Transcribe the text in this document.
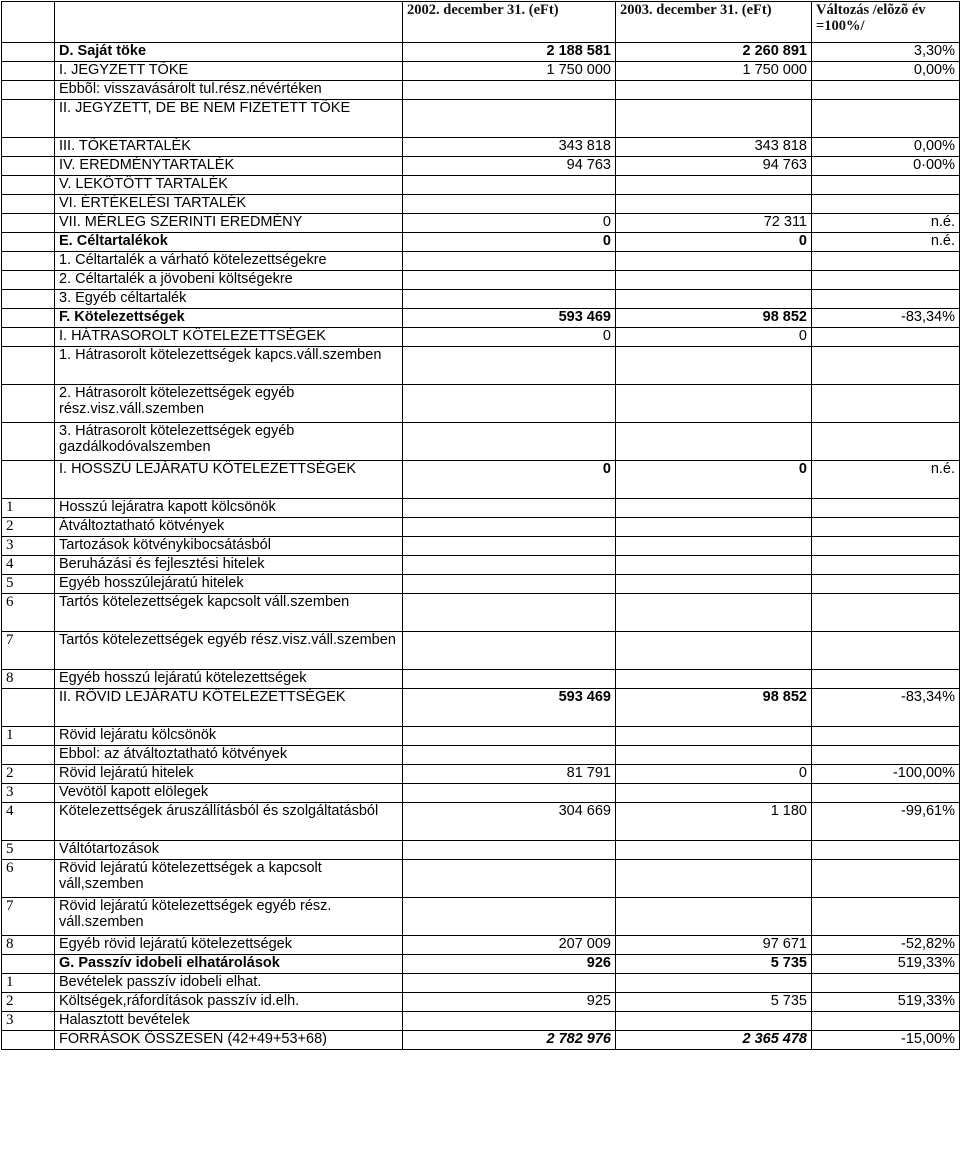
		2002. december 31. (eFt)	2003. december 31. (eFt)	Változás /elõzõ év =100%/
	D. Saját töke	2 188 581	2 260 891	3,30%
	I. JEGYZETT TÕKE	1 750 000	1 750 000	0,00%
	Ebbõl: visszavásárolt tul.rész.névértéken			
	II. JEGYZETT, DE BE NEM FIZETETT TÕKE			
	III. TÕKETARTALÉK	343 818	343 818	0,00%
	IV. EREDMÉNYTARTALÉK	94 763	94 763	0·00%
	V. LEKÖTÖTT TARTALÉK			
	VI. ÉRTÉKELÉSI TARTALÉK			
	VII. MÉRLEG SZERINTI EREDMÉNY	0	72 311	n.é.
	E. Céltartalékok	0	0	n.é.
	1. Céltartalék a várható kötelezettségekre			
	2. Céltartalék a jövobeni költségekre			
	3. Egyéb céltartalék			
	F. Kötelezettségek	593 469	98 852	-83,34%
	I. HÁTRASOROLT KÖTELEZETTSÉGEK	0	0	
	1. Hátrasorolt kötelezettségek kapcs.váll.szemben			
	2. Hátrasorolt kötelezettségek egyéb rész.visz.váll.szemben			
	3. Hátrasorolt kötelezettségek egyéb gazdálkodóvalszemben			
	I. HOSSZÚ LEJÁRATU KÖTELEZETTSÉGEK	0	0	n.é.
1	Hosszú lejáratra kapott kölcsönök			
2	Átváltoztatható kötvények			
3	Tartozások kötvénykibocsátásból			
4	Beruházási és fejlesztési hitelek			
5	Egyéb hosszúlejáratú hitelek			
6	Tartós kötelezettségek kapcsolt váll.szemben			
7	Tartós kötelezettségek egyéb rész.visz.váll.szemben			
8	Egyéb hosszú lejáratú kötelezettségek			
	II. RÖVID LEJÁRATU KÖTELEZETTSÉGEK	593 469	98 852	-83,34%
1	Rövid lejáratu kölcsönök			
	Ebbol: az átváltoztatható kötvények			
2	Rövid lejáratú hitelek	81 791	0	-100,00%
3	Vevötöl kapott elölegek			
4	Kötelezettségek áruszállításból és szolgáltatásból	304 669	1 180	-99,61%
5	Váltótartozások			
6	Rövid lejáratú kötelezettségek a kapcsolt váll,szemben			
7	Rövid lejáratú kötelezettségek egyéb rész. váll.szemben			
8	Egyéb rövid lejáratú kötelezettségek	207 009	97 671	-52,82%
	G. Passzív idobeli elhatárolások	926	5 735	519,33%
1	Bevételek passzív idobeli elhat.			
2	Költségek,ráfordítások passzív id.elh.	925	5 735	519,33%
3	Halasztott bevételek			
	FORRÁSOK ÖSSZESEN (42+49+53+68)	2 782 976	2 365 478	-15,00%
